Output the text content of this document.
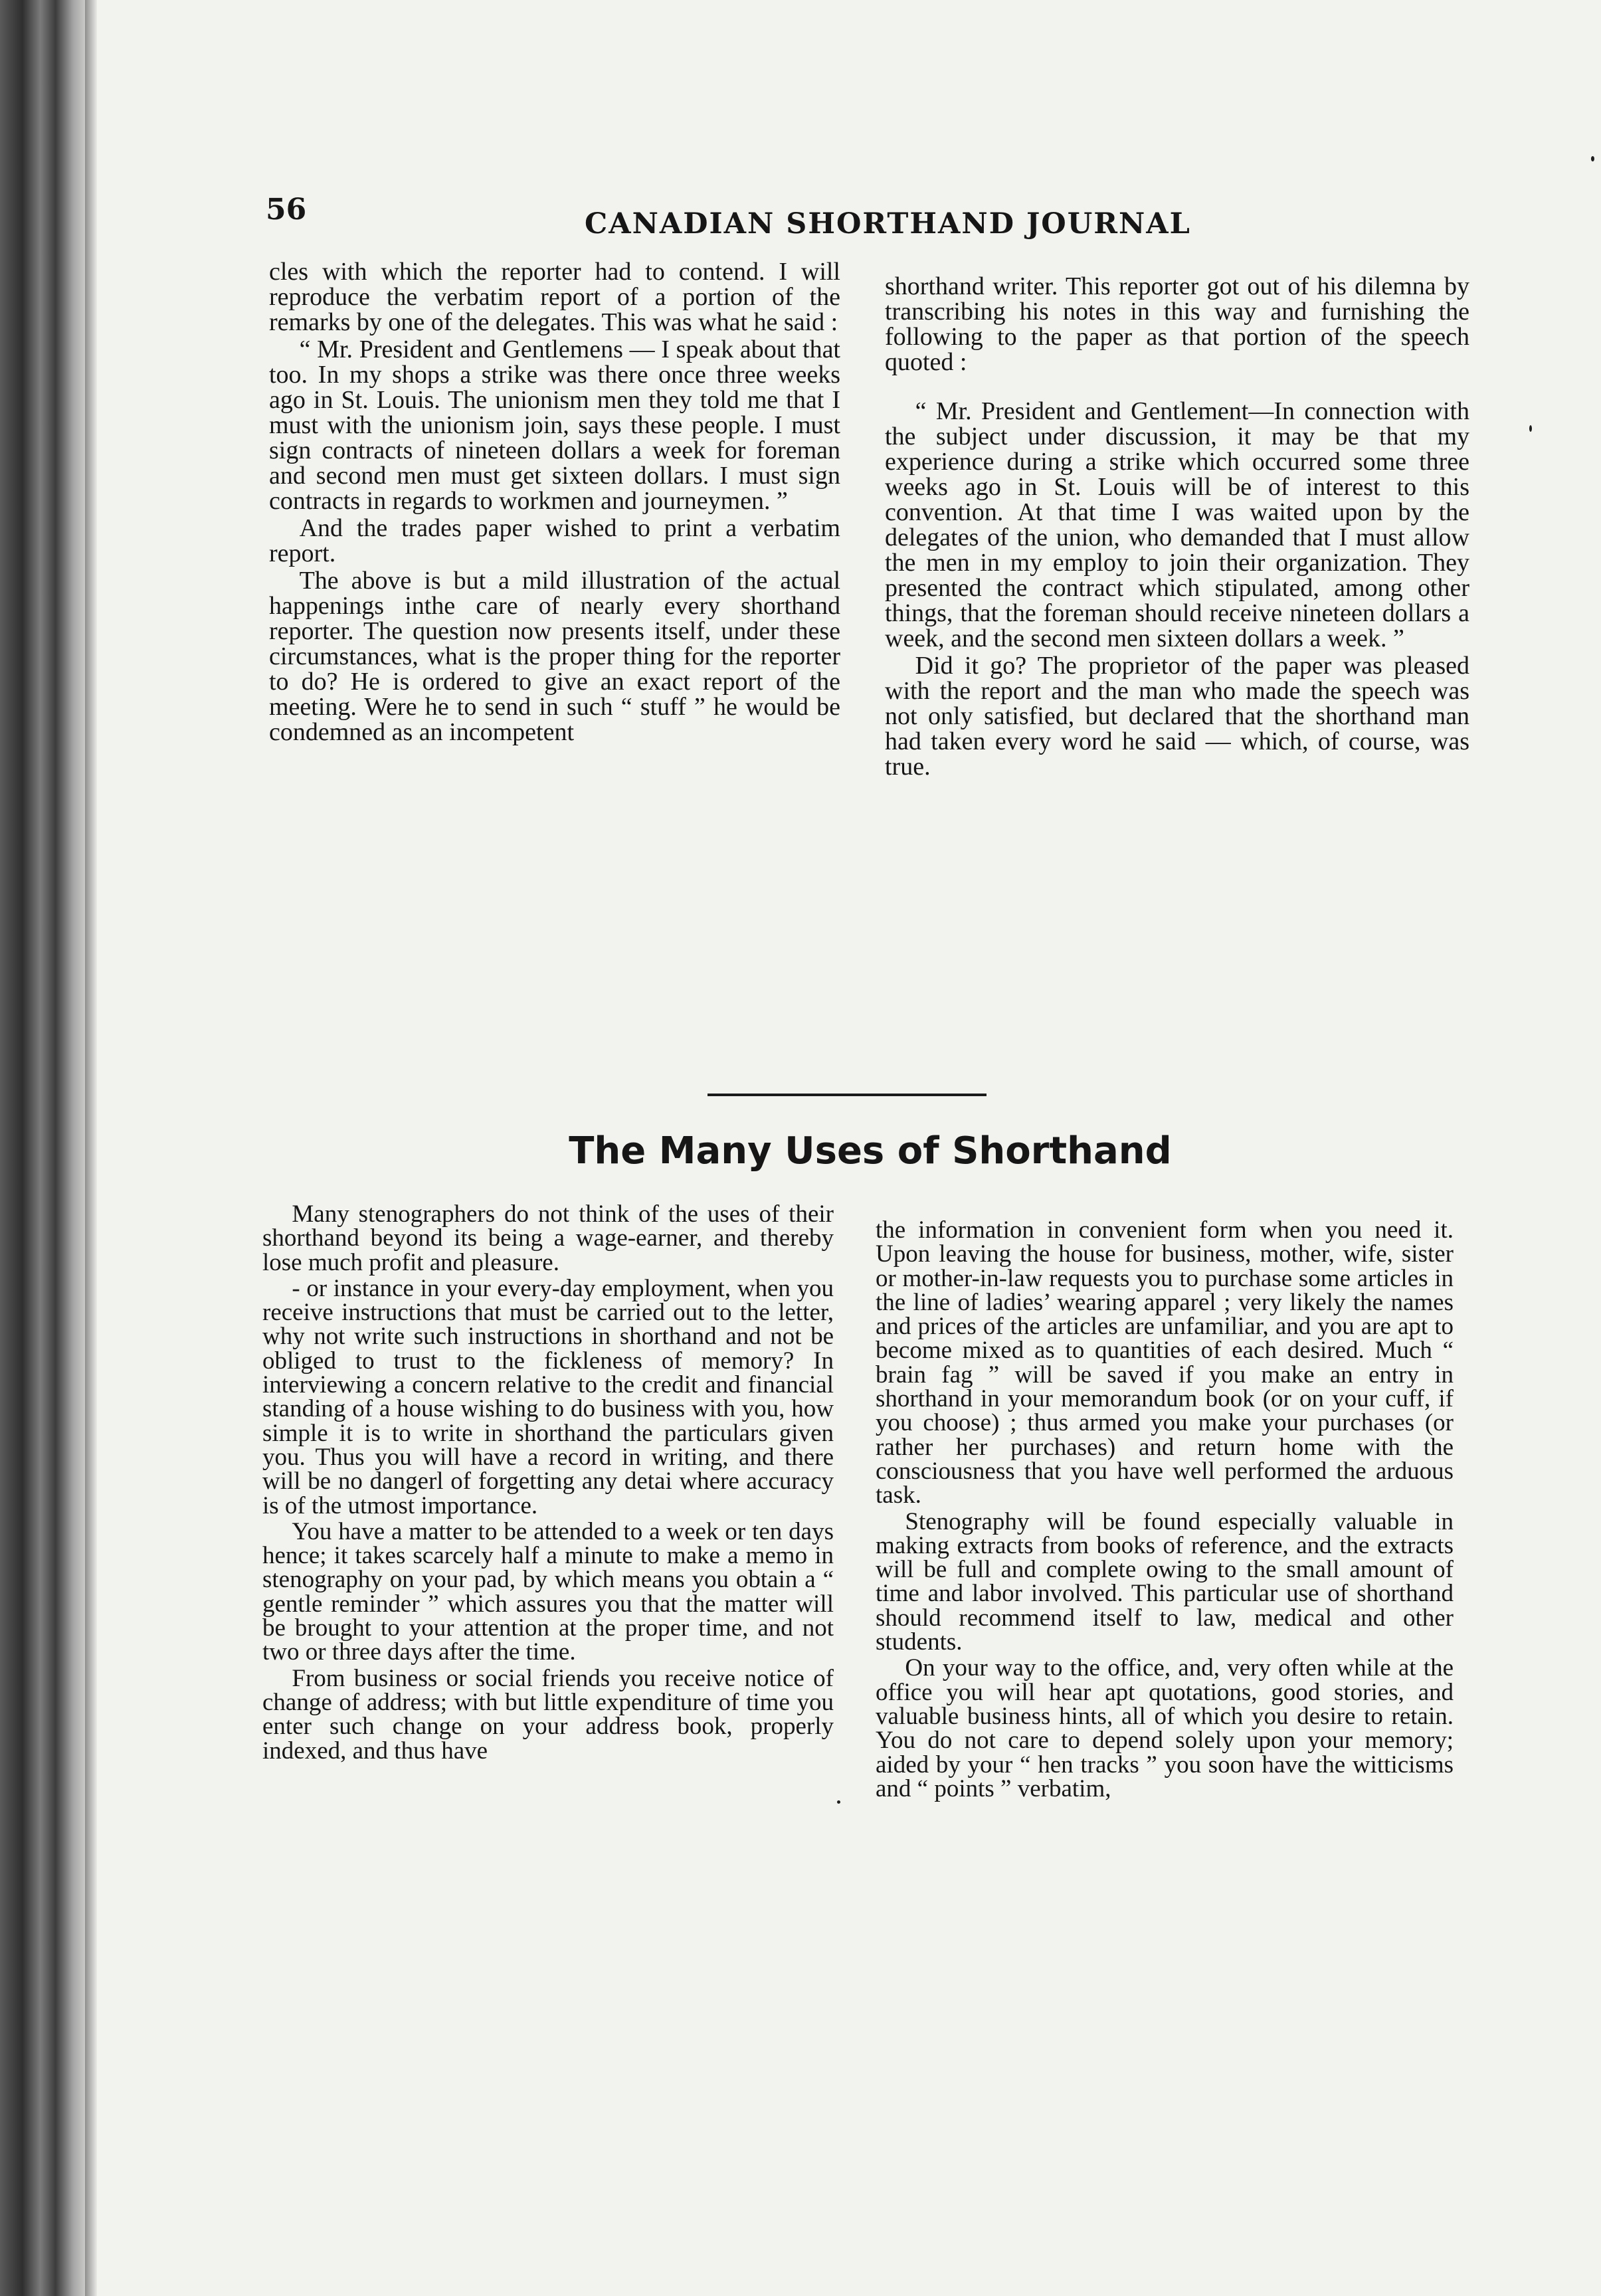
56	CANADIAN SHORTHAND JOURNAL

cles with which the reporter had to contend. I will reproduce the verbatim report of a portion of the remarks by one of the delegates. This was what he said :

“ Mr. President and Gentlemens — I speak about that too. In my shops a strike was there once three weeks ago in St. Louis. The unionism men they told me that I must with the unionism join, says these people. I must sign contracts of nineteen dollars a week for foreman and second men must get sixteen dollars. I must sign contracts in regards to workmen and journeymen. ”

And the trades paper wished to print a verbatim report.

The above is but a mild illustration of the actual happenings inthe care of nearly every shorthand reporter. The question now presents itself, under these circumstances, what is the proper thing for the reporter to do? He is ordered to give an exact report of the meeting. Were he to send in such “ stuff ” he would be condemned as an incompetent

shorthand writer. This reporter got out of his dilemna by transcribing his notes in this way and furnishing the following to the paper as that portion of the speech quoted :

“ Mr. President and Gentlement—In connection with the subject under discussion, it may be that my experience during a strike which occurred some three weeks ago in St. Louis will be of interest to this convention. At that time I was waited upon by the delegates of the union, who demanded that I must allow the men in my employ to join their organization. They presented the contract which stipulated, among other things, that the foreman should receive nineteen dollars a week, and the second men sixteen dollars a week. ”

Did it go? The proprietor of the paper was pleased with the report and the man who made the speech was not only satisfied, but declared that the shorthand man had taken every word he said — which, of course, was true.

The Many Uses of Shorthand

Many stenographers do not think of the uses of their shorthand beyond its being a wage-earner, and thereby lose much profit and pleasure.

- or instance in your every-day employment, when you receive instructions that must be carried out to the letter, why not write such instructions in shorthand and not be obliged to trust to the fickleness of memory? In interviewing a concern relative to the credit and financial standing of a house wishing to do business with you, how simple it is to write in shorthand the particulars given you. Thus you will have a record in writing, and there will be no dangerl of forgetting any detai where accuracy is of the utmost importance.

You have a matter to be attended to a week or ten days hence; it takes scarcely half a minute to make a memo in stenography on your pad, by which means you obtain a “ gentle reminder ” which assures you that the matter will be brought to your attention at the proper time, and not two or three days after the time.

From business or social friends you receive notice of change of address; with but little expenditure of time you enter such change on your address book, properly indexed, and thus have

the information in convenient form when you need it. Upon leaving the house for business, mother, wife, sister or mother-in-law requests you to purchase some articles in the line of ladies’ wearing apparel ; very likely the names and prices of the articles are unfamiliar, and you are apt to become mixed as to quantities of each desired. Much “ brain fag ” will be saved if you make an entry in shorthand in your memorandum book (or on your cuff, if you choose) ; thus armed you make your purchases (or rather her purchases) and return home with the consciousness that you have well performed the arduous task.

Stenography will be found especially valuable in making extracts from books of reference, and the extracts will be full and complete owing to the small amount of time and labor involved. This particular use of shorthand should recommend itself to law, medical and other students.

On your way to the office, and, very often while at the office you will hear apt quotations, good stories, and valuable business hints, all of which you desire to retain. You do not care to depend solely upon your memory; aided by your “ hen tracks ” you soon have the witticisms and “ points ” verbatim,
